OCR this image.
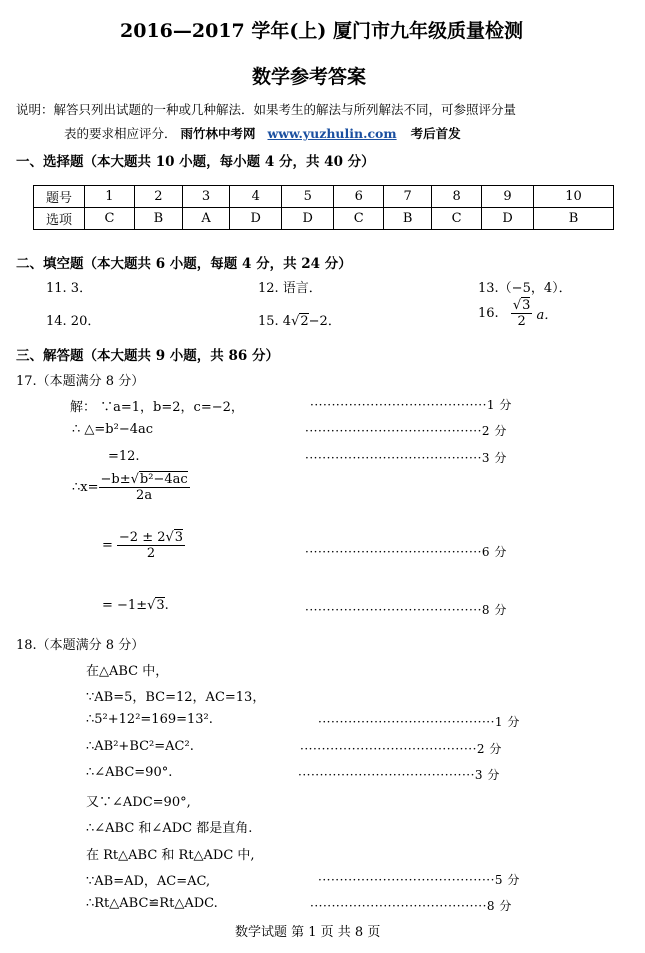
2016—2017 学年(上) 厦门市九年级质量检测
数学参考答案
说明：解答只列出试题的一种或几种解法．如果考生的解法与所列解法不同，可参照评分量
表的要求相应评分． 雨竹林中考网 www.yuzhulin.com 考后首发
一、选择题（本大题共 10 小题，每小题 4 分，共 40 分）
题号	1	2	3	4	5	6	7	8	9	10
选项	C	B	A	D	D	C	B	C	D	B
二、填空题（本大题共 6 小题，每题 4 分，共 24 分）
11. 3．	12. 语言．	13.（−5，4）．
14. 20．	15. 4√2−2．
16. $\frac{√3}{2}$ a．
三、解答题（本大题共 9 小题，共 86 分）
17.（本题满分 8 分）
解： ∵a=1，b=2，c=−2，	·········································1 分
∴ △=b²−4ac	·········································2 分
=12.	·········································3 分
∴x= $\frac{\text{−b±√b²−4ac}}{2a}$
= $\frac{-2 \pm 2√3}{2}$	·········································6 分
= −1±√3.	·········································8 分
18.（本题满分 8 分）
在△ABC 中，
∵AB=5，BC=12，AC=13，
∴5²+12²=169=13².	·········································1 分
∴AB²+BC²=AC².	·········································2 分
∴∠ABC=90°.	·········································3 分
又∵∠ADC=90°,
∴∠ABC 和∠ADC 都是直角.
在 Rt△ABC 和 Rt△ADC 中,
∵AB=AD，AC=AC,	·········································5 分
∴Rt△ABC≌Rt△ADC.	·········································8 分
数学试题 第 1 页 共 8 页
